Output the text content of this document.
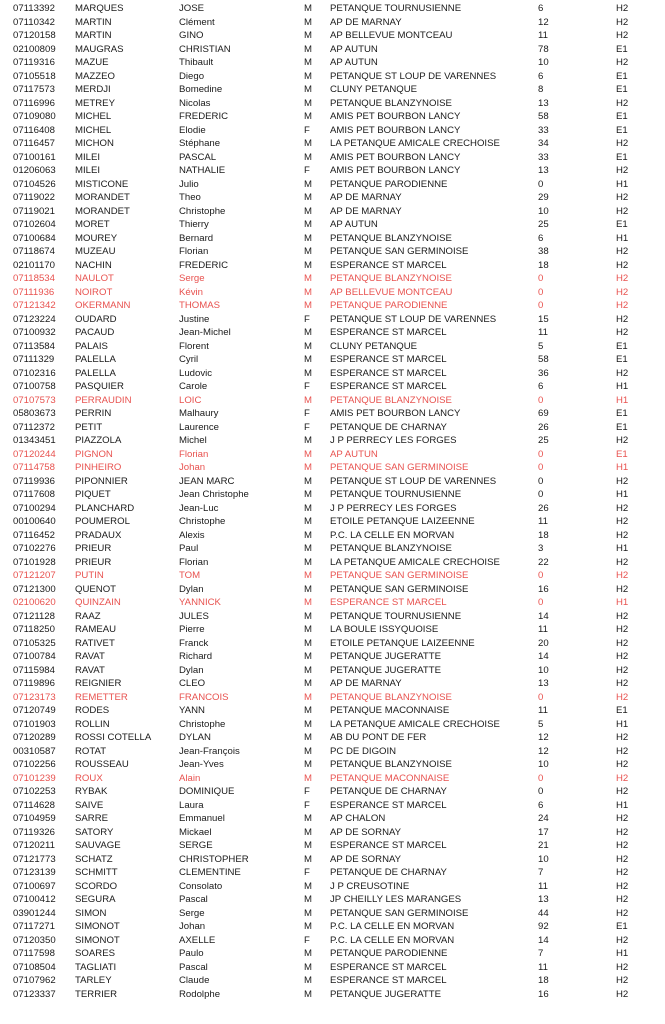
07113392	MARQUES	JOSE	M	PETANQUE TOURNUSIENNE	6	H2
07110342	MARTIN	Clément	M	AP DE MARNAY	12	H2
07120158	MARTIN	GINO	M	AP BELLEVUE MONTCEAU	11	H2
02100809	MAUGRAS	CHRISTIAN	M	AP AUTUN	78	E1
07119316	MAZUE	Thibault	M	AP AUTUN	10	H2
07105518	MAZZEO	Diego	M	PETANQUE ST LOUP DE VARENNES	6	E1
07117573	MERDJI	Bomedine	M	CLUNY PETANQUE	8	E1
07116996	METREY	Nicolas	M	PETANQUE BLANZYNOISE	13	H2
07109080	MICHEL	FREDERIC	M	AMIS PET BOURBON LANCY	58	E1
07116408	MICHEL	Elodie	F	AMIS PET BOURBON LANCY	33	E1
07116457	MICHON	Stéphane	M	LA PETANQUE AMICALE CRECHOISE	34	H2
07100161	MILEI	PASCAL	M	AMIS PET BOURBON LANCY	33	E1
01206063	MILEI	NATHALIE	F	AMIS PET BOURBON LANCY	13	H2
07104526	MISTICONE	Julio	M	PETANQUE PARODIENNE	0	H1
07119022	MORANDET	Theo	M	AP DE MARNAY	29	H2
07119021	MORANDET	Christophe	M	AP DE MARNAY	10	H2
07102604	MORET	Thierry	M	AP AUTUN	25	E1
07100684	MOUREY	Bernard	M	PETANQUE BLANZYNOISE	6	H1
07118674	MUZEAU	Florian	M	PETANQUE SAN GERMINOISE	38	H2
02101170	NACHIN	FREDERIC	M	ESPERANCE ST MARCEL	18	H2
07118534	NAULOT	Serge	M	PETANQUE BLANZYNOISE	0	H2
07111936	NOIROT	Kévin	M	AP BELLEVUE MONTCEAU	0	H2
07121342	OKERMANN	THOMAS	M	PETANQUE PARODIENNE	0	H2
07123224	OUDARD	Justine	F	PETANQUE ST LOUP DE VARENNES	15	H2
07100932	PACAUD	Jean-Michel	M	ESPERANCE ST MARCEL	11	H2
07113584	PALAIS	Florent	M	CLUNY PETANQUE	5	E1
07111329	PALELLA	Cyril	M	ESPERANCE ST MARCEL	58	E1
07102316	PALELLA	Ludovic	M	ESPERANCE ST MARCEL	36	H2
07100758	PASQUIER	Carole	F	ESPERANCE ST MARCEL	6	H1
07107573	PERRAUDIN	LOIC	M	PETANQUE BLANZYNOISE	0	H1
05803673	PERRIN	Malhaury	F	AMIS PET BOURBON LANCY	69	E1
07112372	PETIT	Laurence	F	PETANQUE DE CHARNAY	26	E1
01343451	PIAZZOLA	Michel	M	J P PERRECY LES FORGES	25	H2
07120244	PIGNON	Florian	M	AP AUTUN	0	E1
07114758	PINHEIRO	Johan	M	PETANQUE SAN GERMINOISE	0	H1
07119936	PIPONNIER	JEAN MARC	M	PETANQUE ST LOUP DE VARENNES	0	H2
07117608	PIQUET	Jean Christophe	M	PETANQUE TOURNUSIENNE	0	H1
07100294	PLANCHARD	Jean-Luc	M	J P PERRECY LES FORGES	26	H2
00100640	POUMEROL	Christophe	M	ETOILE PETANQUE LAIZEENNE	11	H2
07116452	PRADAUX	Alexis	M	P.C. LA CELLE EN MORVAN	18	H2
07102276	PRIEUR	Paul	M	PETANQUE BLANZYNOISE	3	H1
07101928	PRIEUR	Florian	M	LA PETANQUE AMICALE CRECHOISE	22	H2
07121207	PUTIN	TOM	M	PETANQUE SAN GERMINOISE	0	H2
07121300	QUENOT	Dylan	M	PETANQUE SAN GERMINOISE	16	H2
02100620	QUINZAIN	YANNICK	M	ESPERANCE ST MARCEL	0	H1
07121128	RAAZ	JULES	M	PETANQUE TOURNUSIENNE	14	H2
07118250	RAMEAU	Pierre	M	LA BOULE ISSYQUOISE	11	H2
07105325	RATIVET	Franck	M	ETOILE PETANQUE LAIZEENNE	20	H2
07100784	RAVAT	Richard	M	PETANQUE JUGERATTE	14	H2
07115984	RAVAT	Dylan	M	PETANQUE JUGERATTE	10	H2
07119896	REIGNIER	CLEO	M	AP DE MARNAY	13	H2
07123173	REMETTER	FRANCOIS	M	PETANQUE BLANZYNOISE	0	H2
07120749	RODES	YANN	M	PETANQUE MACONNAISE	11	E1
07101903	ROLLIN	Christophe	M	LA PETANQUE AMICALE CRECHOISE	5	H1
07120289	ROSSI COTELLA	DYLAN	M	AB DU PONT DE FER	12	H2
00310587	ROTAT	Jean-François	M	PC DE DIGOIN	12	H2
07102256	ROUSSEAU	Jean-Yves	M	PETANQUE BLANZYNOISE	10	H2
07101239	ROUX	Alain	M	PETANQUE MACONNAISE	0	H2
07102253	RYBAK	DOMINIQUE	F	PETANQUE DE CHARNAY	0	H2
07114628	SAIVE	Laura	F	ESPERANCE ST MARCEL	6	H1
07104959	SARRE	Emmanuel	M	AP CHALON	24	H2
07119326	SATORY	Mickael	M	AP DE SORNAY	17	H2
07120211	SAUVAGE	SERGE	M	ESPERANCE ST MARCEL	21	H2
07121773	SCHATZ	CHRISTOPHER	M	AP DE SORNAY	10	H2
07123139	SCHMITT	CLEMENTINE	F	PETANQUE DE CHARNAY	7	H2
07100697	SCORDO	Consolato	M	J P CREUSOTINE	11	H2
07100412	SEGURA	Pascal	M	JP CHEILLY LES MARANGES	13	H2
03901244	SIMON	Serge	M	PETANQUE SAN GERMINOISE	44	H2
07117271	SIMONOT	Johan	M	P.C. LA CELLE EN MORVAN	92	E1
07120350	SIMONOT	AXELLE	F	P.C. LA CELLE EN MORVAN	14	H2
07117598	SOARES	Paulo	M	PETANQUE PARODIENNE	7	H1
07108504	TAGLIATI	Pascal	M	ESPERANCE ST MARCEL	11	H2
07107962	TARLEY	Claude	M	ESPERANCE ST MARCEL	18	H2
07123337	TERRIER	Rodolphe	M	PETANQUE JUGERATTE	16	H2
